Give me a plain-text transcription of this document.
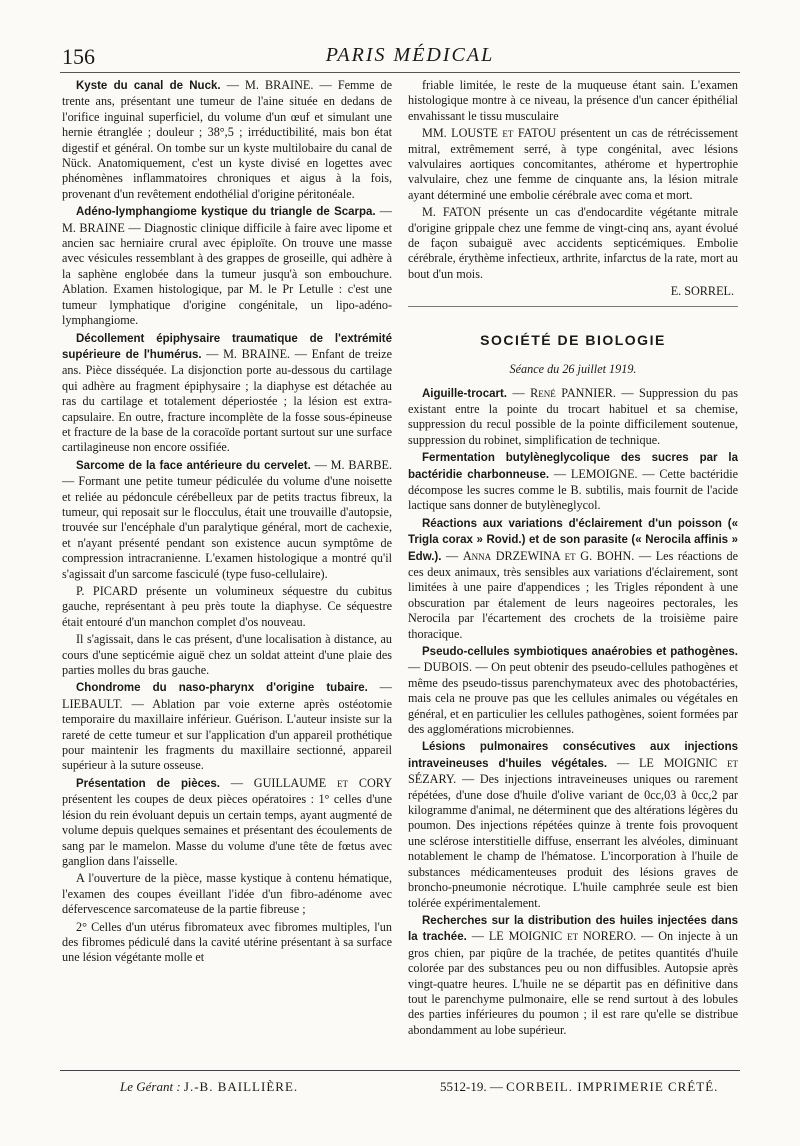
156	PARIS MÉDICAL

Kyste du canal de Nuck. — M. BRAINE. — Femme de trente ans, présentant une tumeur de l'aine située en dedans de l'orifice inguinal superficiel, du volume d'un œuf et simulant une hernie étranglée ; douleur ; 38°,5 ; irréductibilité, mais bon état digestif et général. On tombe sur un kyste multilobaire du canal de Nück. Anatomiquement, c'est un kyste divisé en logettes avec phénomènes inflammatoires chroniques et aigus à la fois, provenant d'un revêtement endothélial d'origine péritonéale.

Adéno-lymphangiome kystique du triangle de Scarpa. — M. BRAINE — Diagnostic clinique difficile à faire avec lipome et ancien sac herniaire crural avec épiploïte. On trouve une masse avec vésicules ressemblant à des grappes de groseille, qui adhère à la saphène englobée dans la tumeur jusqu'à son embouchure. Ablation. Examen histologique, par M. le Pr Letulle : c'est une tumeur lymphatique d'origine congénitale, un lipo-adéno-lymphangiome.

Décollement épiphysaire traumatique de l'extrémité supérieure de l'humérus. — M. BRAINE. — Enfant de treize ans. Pièce disséquée. La disjonction porte au-dessous du cartilage qui adhère au fragment épiphysaire ; la diaphyse est détachée au ras du cartilage et totalement déperiostée ; la lésion est extra-capsulaire. En outre, fracture incomplète de la fosse sous-épineuse et fracture de la base de la coracoïde portant surtout sur une surface cartilagineuse non encore ossifiée.

Sarcome de la face antérieure du cervelet. — M. BARBE. — Formant une petite tumeur pédiculée du volume d'une noisette et reliée au pédoncule cérébelleux par de petits tractus fibreux, la tumeur, qui reposait sur le flocculus, était une trouvaille d'autopsie, trouvée sur l'encéphale d'un paralytique général, mort de cachexie, et n'ayant présenté pendant son existence aucun symptôme de compression intracranienne. L'examen histologique a montré qu'il s'agissait d'un sarcome fasciculé (type fuso-cellulaire).

P. PICARD présente un volumineux séquestre du cubitus gauche, représentant à peu près toute la diaphyse. Ce séquestre était entouré d'un manchon complet d'os nouveau.

Il s'agissait, dans le cas présent, d'une localisation à distance, au cours d'une septicémie aiguë chez un soldat atteint d'une plaie des parties molles du bras gauche.

Chondrome du naso-pharynx d'origine tubaire. — LIEBAULT. — Ablation par voie externe après ostéotomie temporaire du maxillaire inférieur. Guérison. L'auteur insiste sur la rareté de cette tumeur et sur l'application d'un appareil prothétique pour maintenir les fragments du maxillaire sectionné, appareil supérieur à la suture osseuse.

Présentation de pièces. — GUILLAUME et CORY présentent les coupes de deux pièces opératoires : 1° celles d'une lésion du rein évoluant depuis un certain temps, ayant augmenté de volume depuis quelques semaines et présentant des écoulements de sang par le mamelon. Masse du volume d'une tête de fœtus avec ganglion dans l'aisselle.

A l'ouverture de la pièce, masse kystique à contenu hématique, l'examen des coupes éveillant l'idée d'un fibro-adénome avec défervescence sarcomateuse de la partie fibreuse ;

2° Celles d'un utérus fibromateux avec fibromes multiples, l'un des fibromes pédiculé dans la cavité utérine présentant à sa surface une lésion végétante molle et

friable limitée, le reste de la muqueuse étant sain. L'examen histologique montre à ce niveau, la présence d'un cancer épithélial envahissant le tissu musculaire

MM. LOUSTE et FATOU présentent un cas de rétrécissement mitral, extrêmement serré, à type congénital, avec lésions valvulaires aortiques concomitantes, athérome et hypertrophie valvulaire, chez une femme de cinquante ans, la lésion mitrale ayant déterminé une embolie cérébrale avec coma et mort.

M. FATON présente un cas d'endocardite végétante mitrale d'origine grippale chez une femme de vingt-cinq ans, ayant évolué de façon subaiguë avec accidents septicémiques. Embolie cérébrale, érythème infectieux, arthrite, infarctus de la rate, mort au bout d'un mois.

E. SORREL.
SOCIÉTÉ DE BIOLOGIE
Séance du 26 juillet 1919.

Aiguille-trocart. — René PANNIER. — Suppression du pas existant entre la pointe du trocart habituel et sa chemise, suppression du recul possible de la pointe difficilement soutenue, suppression du robinet, simplification de technique.

Fermentation butylèneglycolique des sucres par la bactéridie charbonneuse. — LEMOIGNE. — Cette bactéridie décompose les sucres comme le B. subtilis, mais fournit de l'acide lactique sans donner de butylèneglycol.

Réactions aux variations d'éclairement d'un poisson (« Trigla corax » Rovid.) et de son parasite (« Nerocila affinis » Edw.). — Anna DRZEWINA et G. BOHN. — Les réactions de ces deux animaux, très sensibles aux variations d'éclairement, sont limitées à une paire d'appendices ; les Trigles répondent à une obscuration par étalement de leurs nageoires pectorales, les Nerocila par l'écartement des crochets de la troisième paire thoracique.

Pseudo-cellules symbiotiques anaérobies et pathogènes. — DUBOIS. — On peut obtenir des pseudo-cellules pathogènes et même des pseudo-tissus parenchymateux avec des photobactéries, mais cela ne prouve pas que les cellules animales ou végétales en général, et en particulier les cellules pathogènes, soient formées par des agglomérations microbiennes.

Lésions pulmonaires consécutives aux injections intraveineuses d'huiles végétales. — LE MOIGNIC et SÉZARY. — Des injections intraveineuses uniques ou rarement répétées, d'une dose d'huile d'olive variant de 0cc,03 à 0cc,2 par kilogramme d'animal, ne déterminent que des altérations légères du poumon. Des injections répétées quinze à trente fois provoquent une sclérose interstitielle diffuse, enserrant les alvéoles, diminuant notablement le champ de l'hématose. L'incorporation à l'huile de substances médicamenteuses produit des lésions graves de broncho-pneumonie nécrotique. L'huile camphrée seule est bien tolérée expérimentalement.

Recherches sur la distribution des huiles injectées dans la trachée. — LE MOIGNIC et NORERO. — On injecte à un gros chien, par piqûre de la trachée, de petites quantités d'huile colorée par des substances peu ou non diffusibles. Autopsie après vingt-quatre heures. L'huile ne se départit pas en définitive dans tout le parenchyme pulmonaire, elle se rend surtout à des lobules des parties inférieures du poumon ; il est rare qu'elle se distribue abondamment au lobe supérieur.

Le Gérant : J.-B. BAILLIÈRE.	5512-19. — CORBEIL. IMPRIMERIE CRÉTÉ.
